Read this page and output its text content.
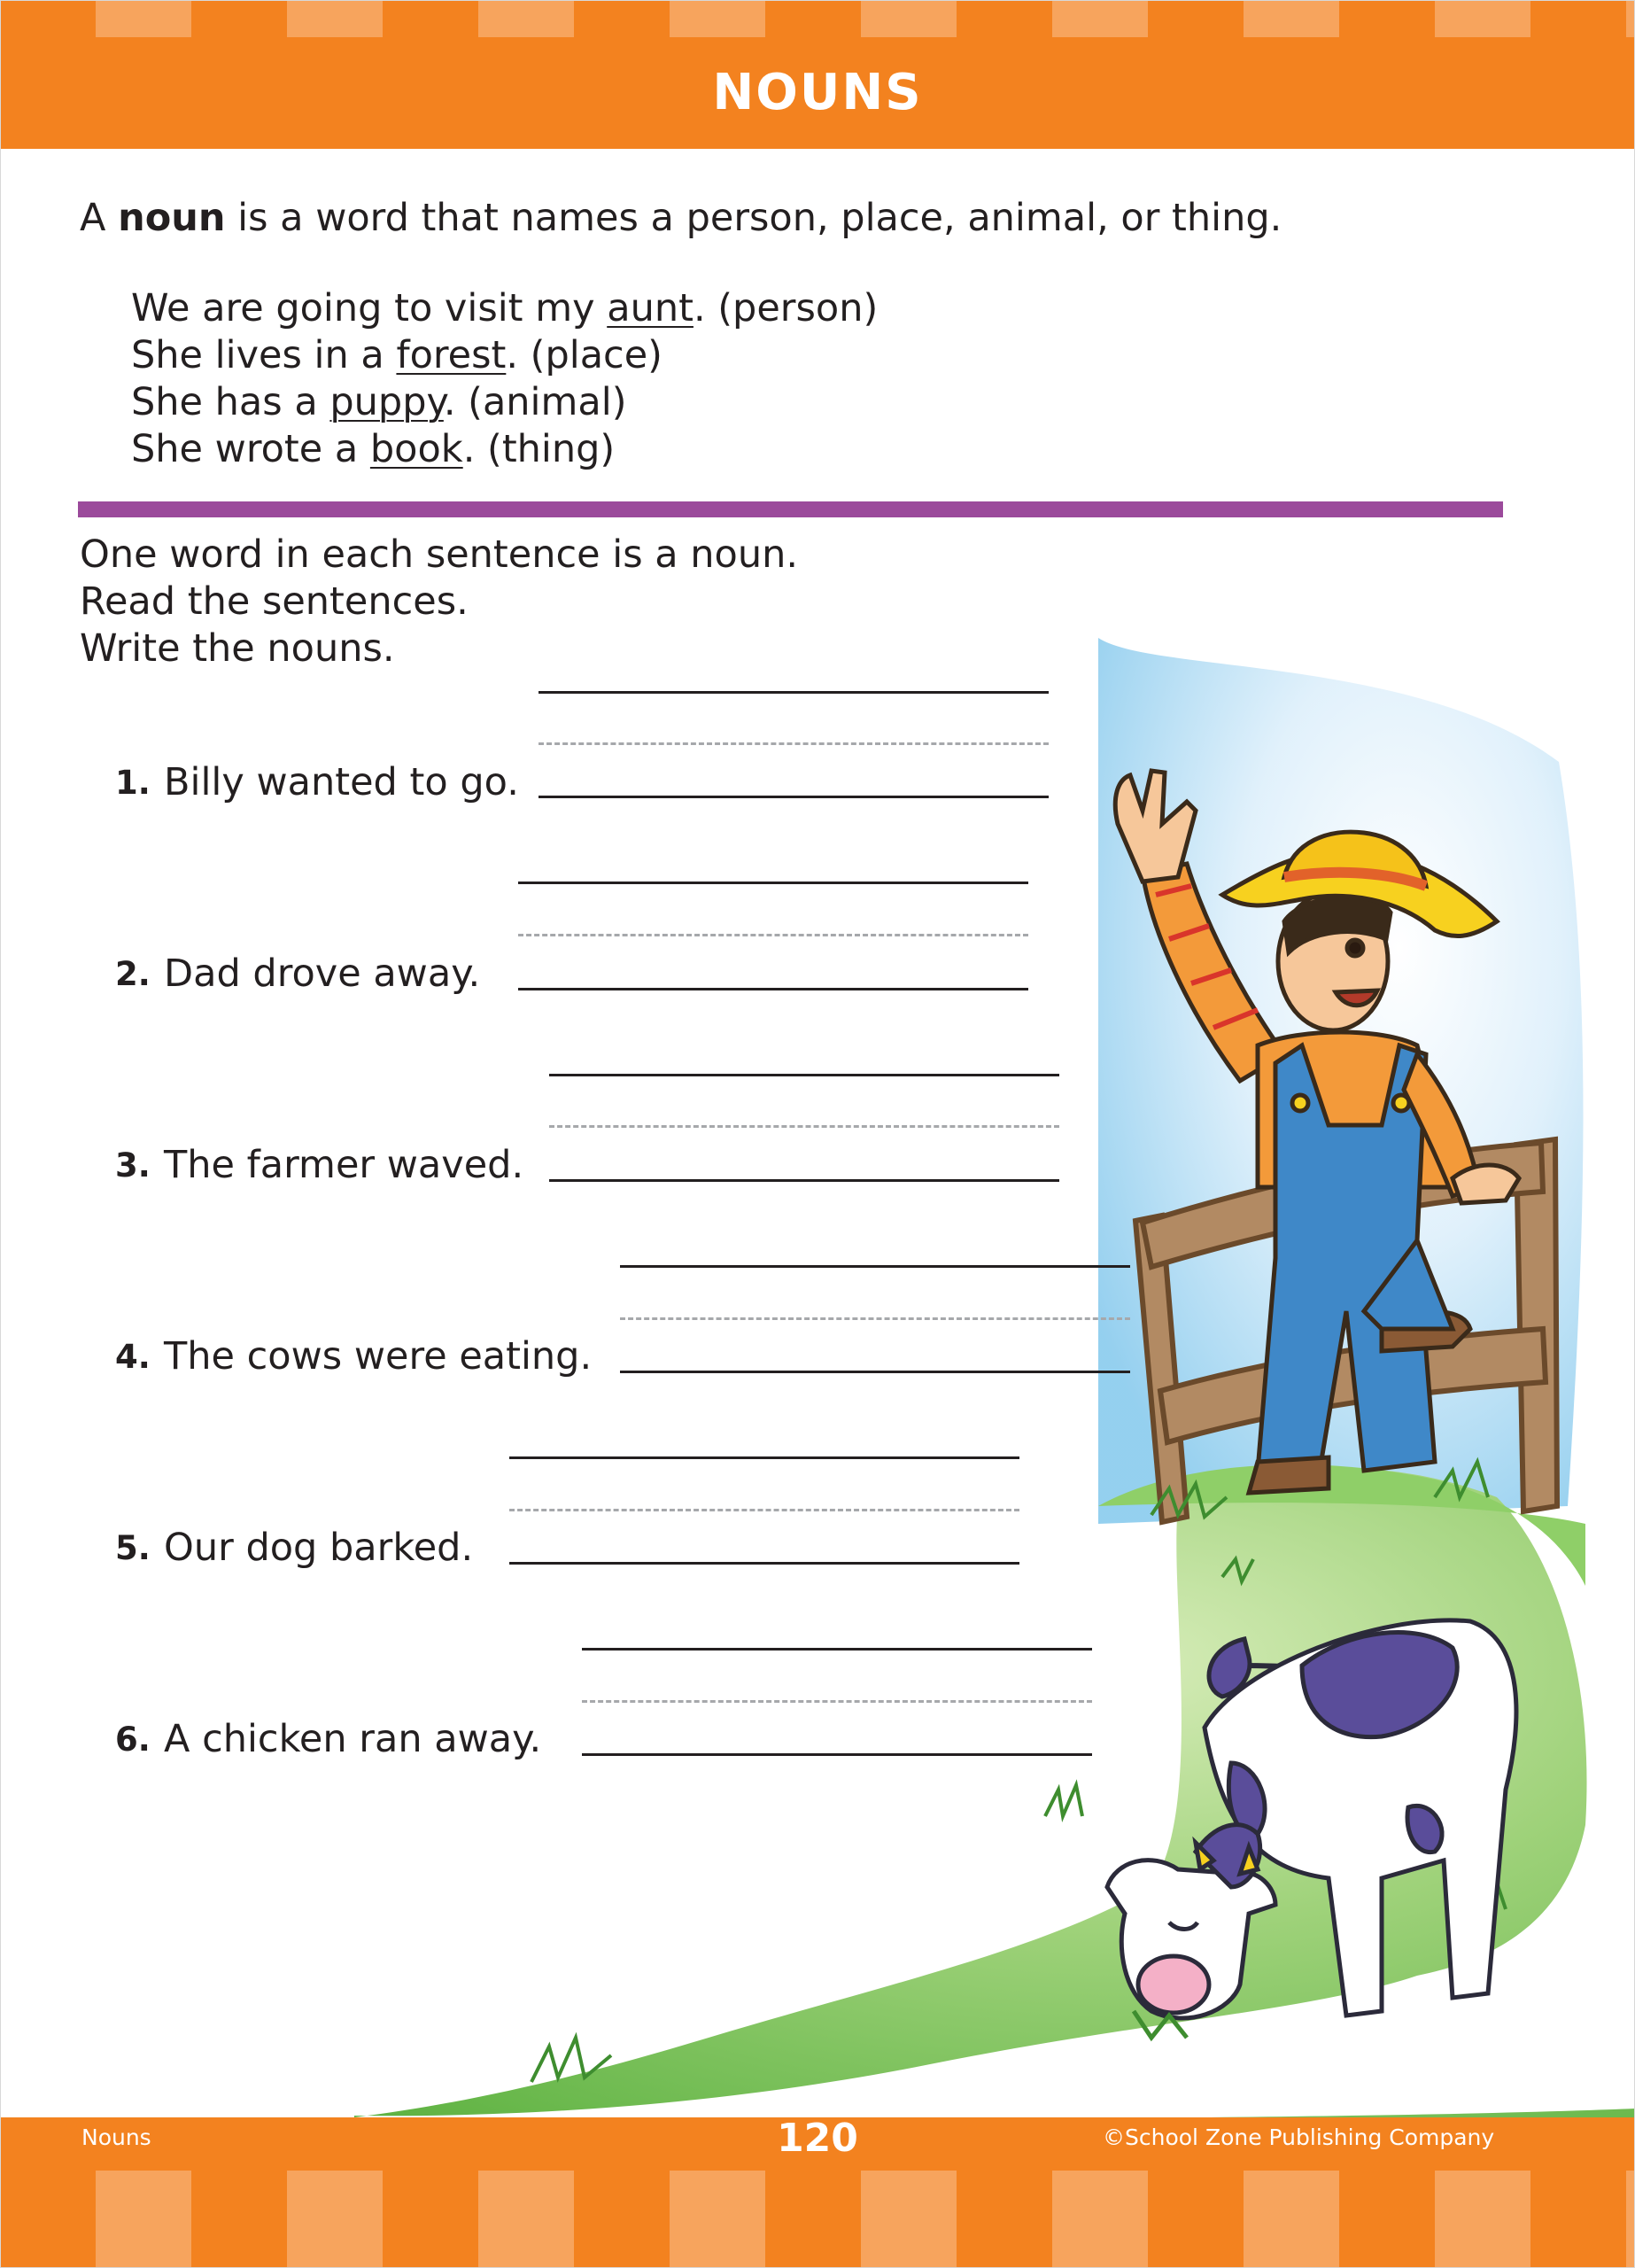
NOUNS
A noun is a word that names a person, place, animal, or thing.
We are going to visit my aunt. (person)
She lives in a forest. (place)
She has a puppy. (animal)
She wrote a book. (thing)
One word in each sentence is a noun.
Read the sentences.
Write the nouns.
1. Billy wanted to go.
2. Dad drove away.
3. The farmer waved.
4. The cows were eating.
5. Our dog barked.
6. A chicken ran away.
Nouns	120	©School Zone Publishing Company
